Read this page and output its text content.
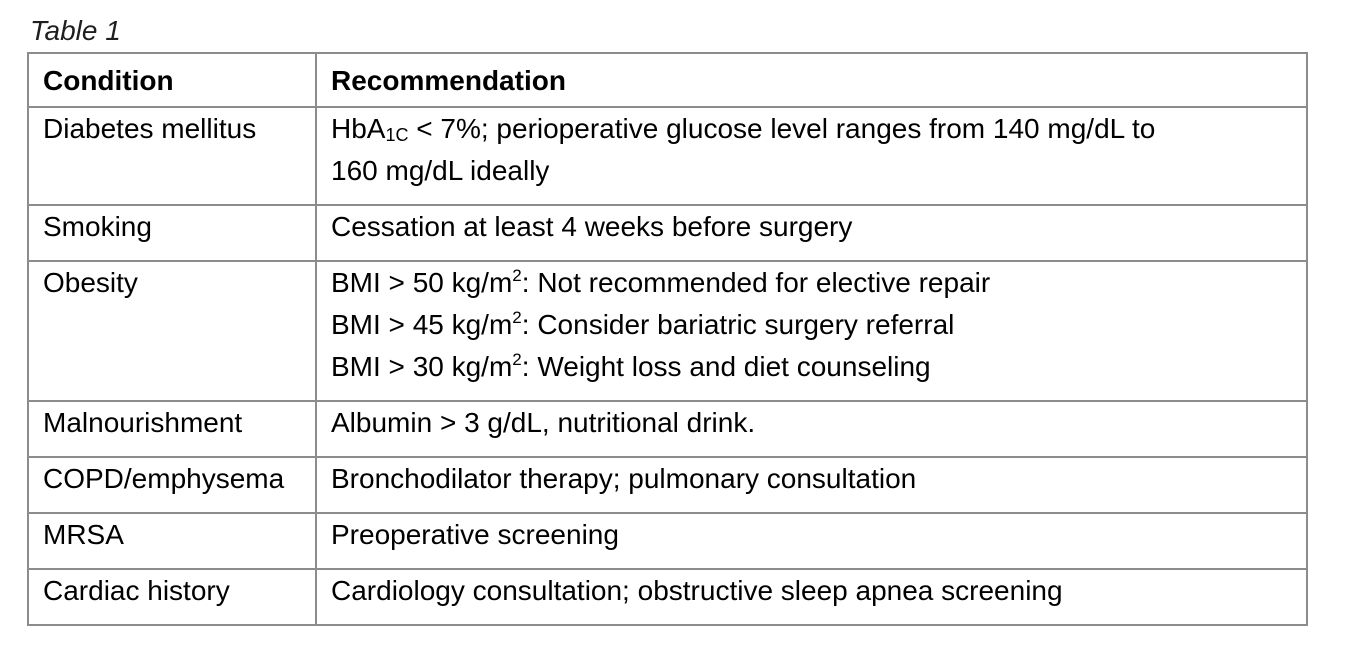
Table 1
Condition	Recommendation
Diabetes mellitus	HbA$_{1C}$ < 7%; perioperative glucose level ranges from 140 mg/dL to
160 mg/dL ideally

Smoking	Cessation at least 4 weeks before surgery
Obesity	BMI > 50 $kg/m^2$: Not recommended for elective repair
BMI > 45 $kg/m^2$: Consider bariatric surgery referral
BMI > 30 $kg/m^2$: Weight loss and diet counseling

Malnourishment	Albumin > 3 g/dL, nutritional drink.
COPD/emphysema	Bronchodilator therapy; pulmonary consultation
MRSA	Preoperative screening
Cardiac history	Cardiology consultation; obstructive sleep apnea screening
